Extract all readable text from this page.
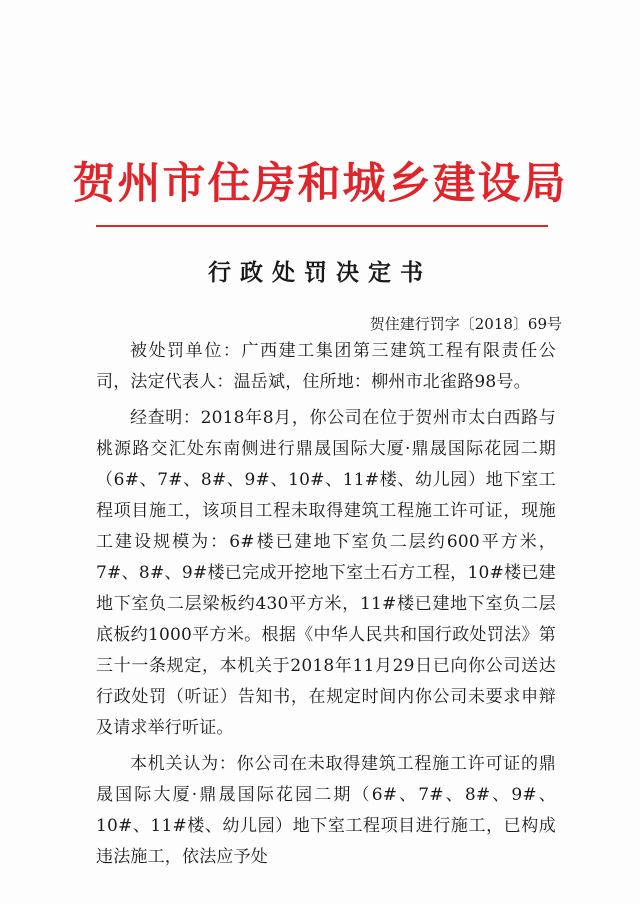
贺州市住房和城乡建设局
行政处罚决定书
贺住建行罚字〔2018〕69号

被处罚单位：广西建工集团第三建筑工程有限责任公司，法定代表人：温岳斌，住所地：柳州市北雀路98号。

经查明：2018年8月，你公司在位于贺州市太白西路与桃源路交汇处东南侧进行鼎晟国际大厦·鼎晟国际花园二期（6#、7#、8#、9#、10#、11#楼、幼儿园）地下室工程项目施工，该项目工程未取得建筑工程施工许可证，现施工建设规模为：6#楼已建地下室负二层约600平方米，7#、8#、9#楼已完成开挖地下室土石方工程，10#楼已建地下室负二层梁板约430平方米，11#楼已建地下室负二层底板约1000平方米。根据《中华人民共和国行政处罚法》第三十一条规定，本机关于2018年11月29日已向你公司送达行政处罚（听证）告知书，在规定时间内你公司未要求申辩及请求举行听证。

本机关认为：你公司在未取得建筑工程施工许可证的鼎晟国际大厦·鼎晟国际花园二期（6#、7#、8#、9#、10#、11#楼、幼儿园）地下室工程项目进行施工，已构成违法施工，依法应予处
